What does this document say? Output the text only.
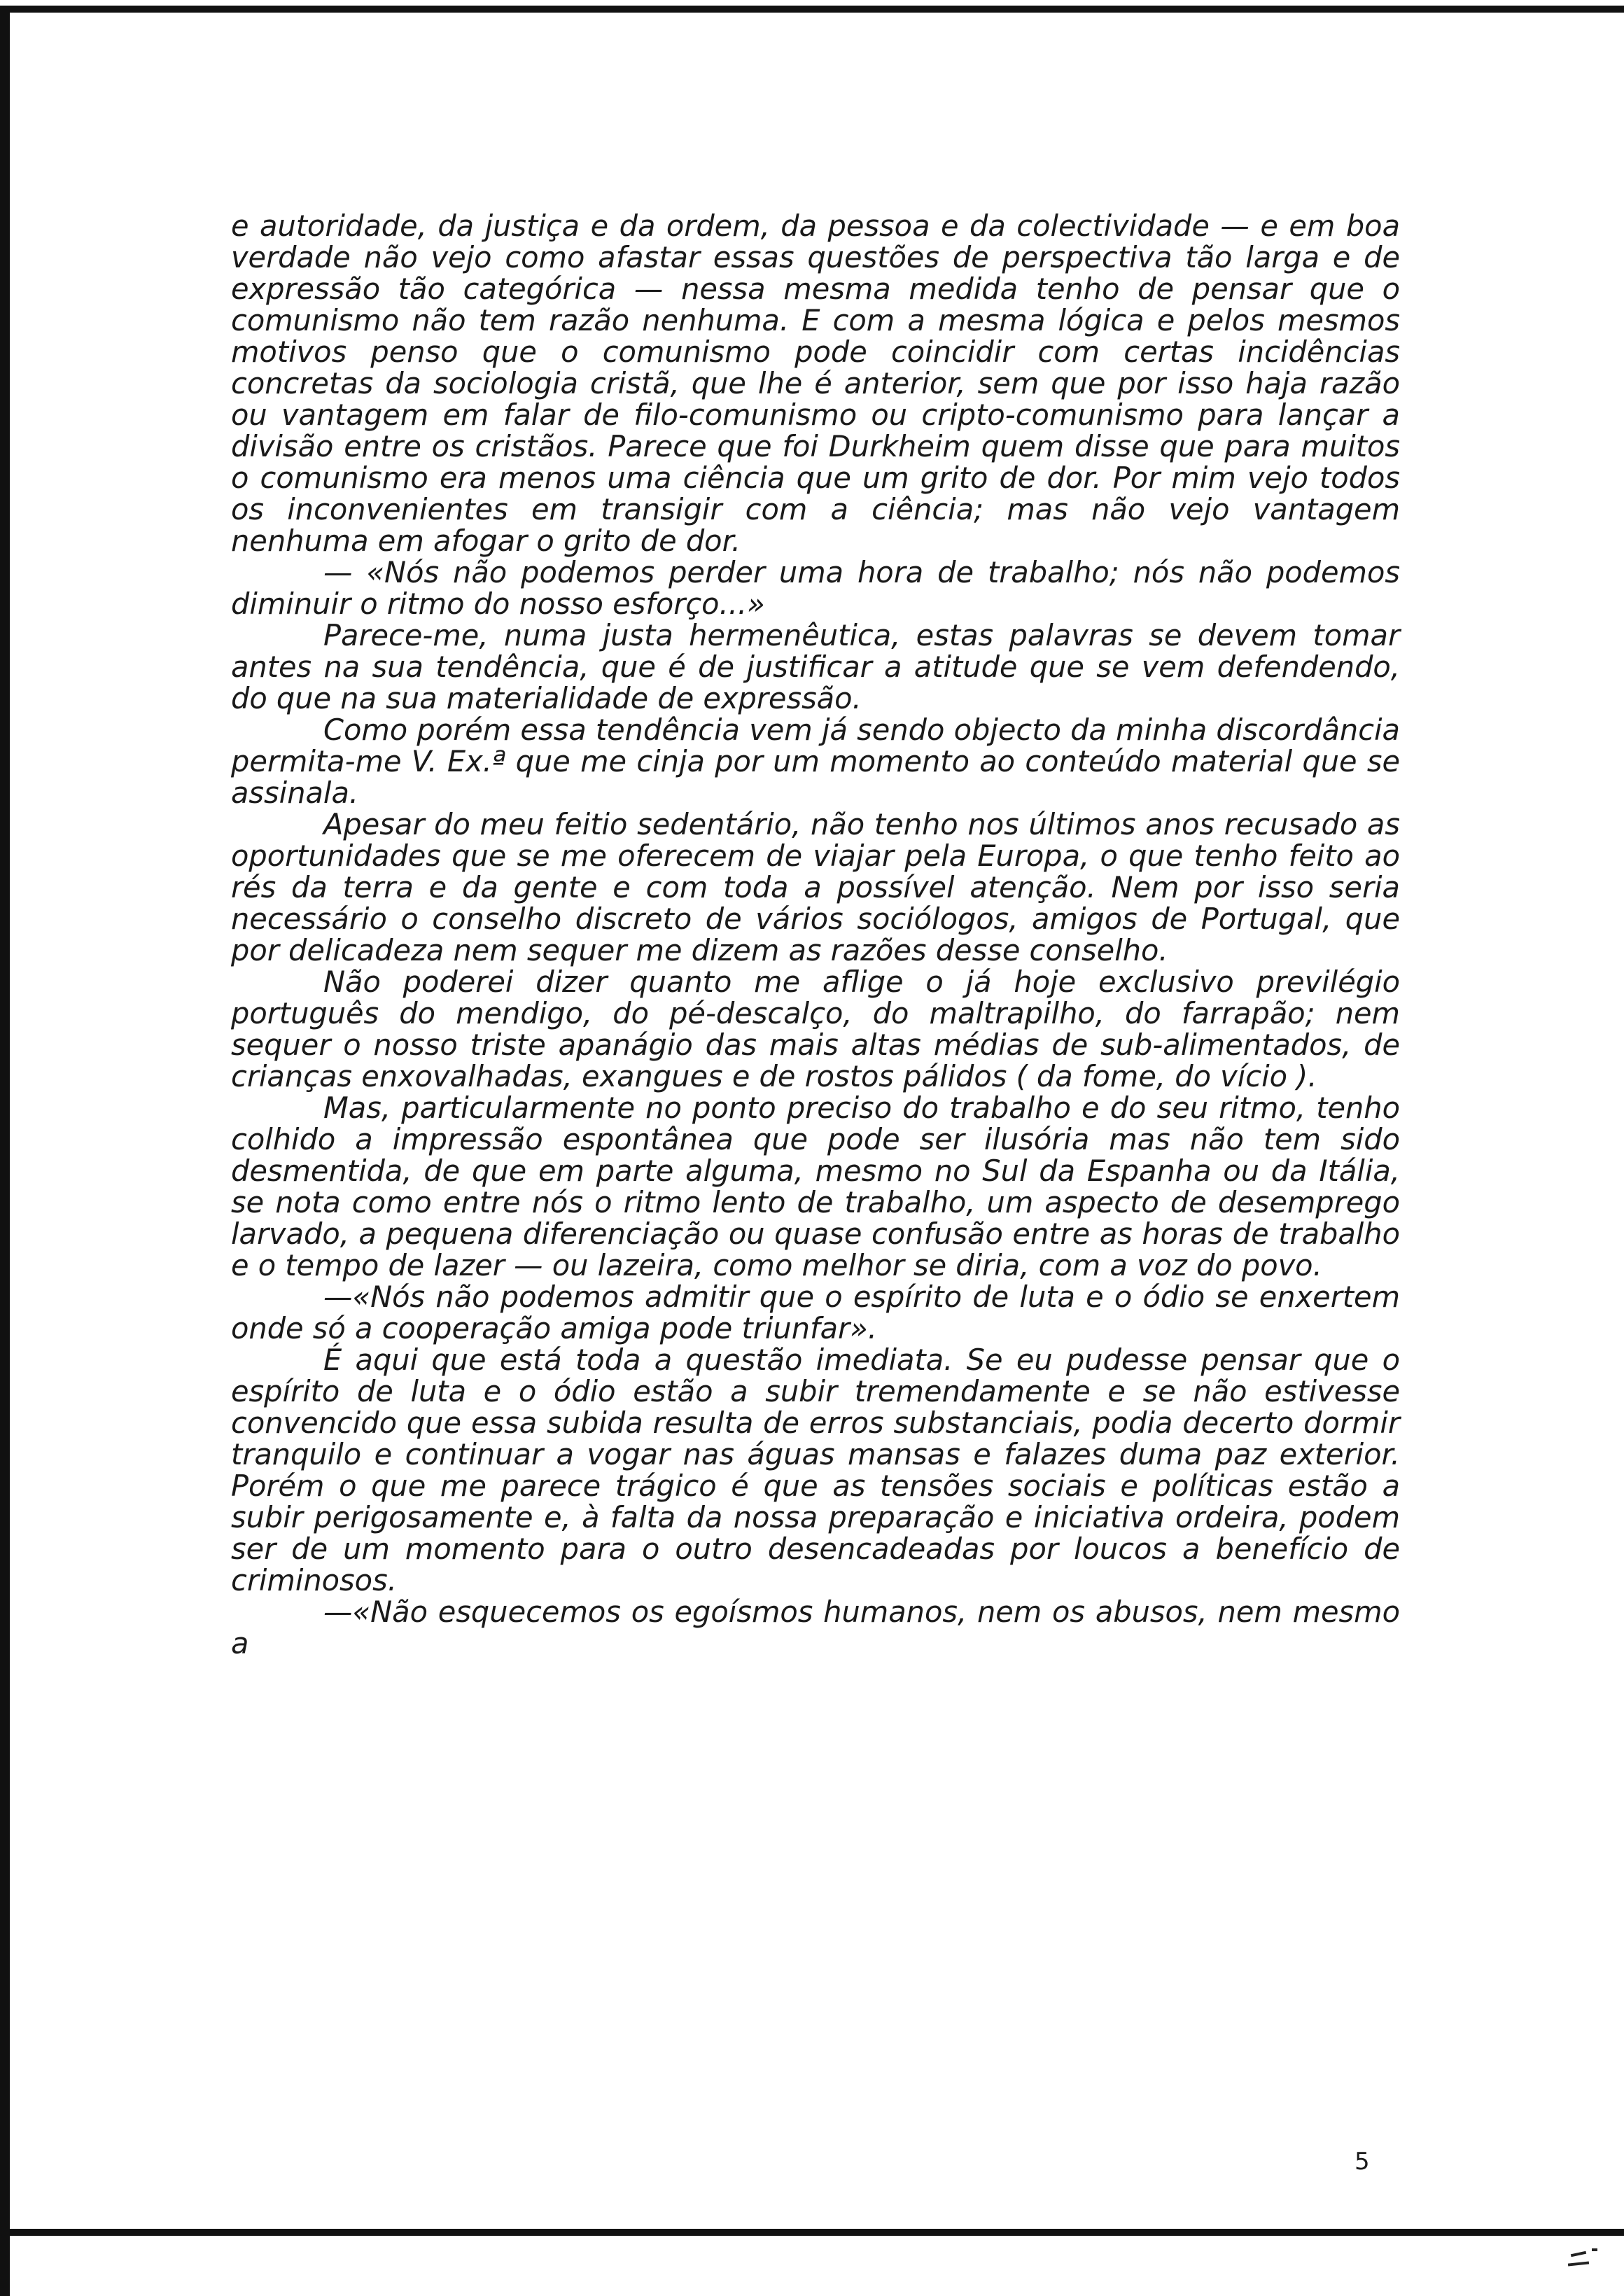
e autoridade, da justiça e da ordem, da pessoa e da colectividade — e em boa verdade não vejo como afastar essas questões de perspectiva tão larga e de expressão tão categórica — nessa mesma medida tenho de pensar que o comunismo não tem razão nenhuma. E com a mesma lógica e pelos mesmos motivos penso que o comunismo pode coincidir com certas incidências concretas da sociologia cristã, que lhe é anterior, sem que por isso haja razão ou vantagem em falar de filo-comunismo ou cripto-comunismo para lançar a divisão entre os cristãos. Parece que foi Durkheim quem disse que para muitos o comunismo era menos uma ciência que um grito de dor. Por mim vejo todos os inconvenientes em transigir com a ciência; mas não vejo vantagem nenhuma em afogar o grito de dor.

— «Nós não podemos perder uma hora de trabalho; nós não podemos diminuir o ritmo do nosso esforço...»

Parece-me, numa justa hermenêutica, estas palavras se devem tomar antes na sua tendência, que é de justificar a atitude que se vem defendendo, do que na sua materialidade de expressão.

Como porém essa tendência vem já sendo objecto da minha discordância permita-me V. Ex.ª que me cinja por um momento ao conteúdo material que se assinala.

Apesar do meu feitio sedentário, não tenho nos últimos anos recusado as oportunidades que se me oferecem de viajar pela Europa, o que tenho feito ao rés da terra e da gente e com toda a possível atenção. Nem por isso seria necessário o conselho discreto de vários sociólogos, amigos de Portugal, que por delicadeza nem sequer me dizem as razões desse conselho.

Não poderei dizer quanto me aflige o já hoje exclusivo previlégio português do mendigo, do pé-descalço, do maltrapilho, do farrapão; nem sequer o nosso triste apanágio das mais altas médias de sub-alimentados, de crianças enxovalhadas, exangues e de rostos pálidos ( da fome, do vício ).

Mas, particularmente no ponto preciso do trabalho e do seu ritmo, tenho colhido a impressão espontânea que pode ser ilusória mas não tem sido desmentida, de que em parte alguma, mesmo no Sul da Espanha ou da Itália, se nota como entre nós o ritmo lento de trabalho, um aspecto de desemprego larvado, a pequena diferenciação ou quase confusão entre as horas de trabalho e o tempo de lazer — ou lazeira, como melhor se diria, com a voz do povo.

—«Nós não podemos admitir que o espírito de luta e o ódio se enxertem onde só a cooperação amiga pode triunfar».

É aqui que está toda a questão imediata. Se eu pudesse pensar que o espírito de luta e o ódio estão a subir tremendamente e se não estivesse convencido que essa subida resulta de erros substanciais, podia decerto dormir tranquilo e continuar a vogar nas águas mansas e falazes duma paz exterior. Porém o que me parece trágico é que as tensões sociais e políticas estão a subir perigosamente e, à falta da nossa preparação e iniciativa ordeira, podem ser de um momento para o outro desencadeadas por loucos a benefício de criminosos.

—«Não esquecemos os egoísmos humanos, nem os abusos, nem mesmo a

5
